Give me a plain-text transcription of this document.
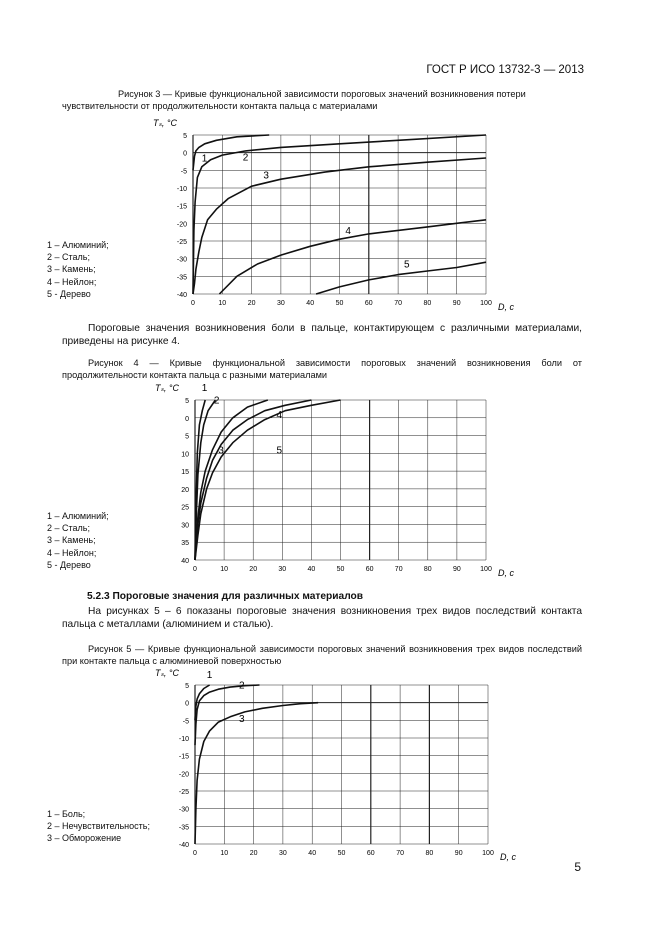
ГОСТ Р ИСО 13732-3 — 2013
Рисунок 3 — Кривые функциональной зависимости пороговых значений возникновения потери
чувствительности от продолжительности контакта пальца с материалами
5
0
-5
-10
-15
-20
-25
-30
-35
-40
0	10	20	30	40	50	60	70	80	90	100
Tₛ, °C
D, с
1	2
3
4
5
1 – Алюминий;
2 – Сталь;
3 – Камень;
4 – Нейлон;
5 - Дерево
Пороговые значения возникновения боли в пальце, контактирующем с различными материалами, приведены на рисунке 4.
Рисунок 4 — Кривые функциональной зависимости пороговых значений возникновения боли от продолжительности контакта пальца с разными материалами
5
0
5
10
15
20
25
30
35
40
0	10	20	30	40	50	60	70	80	90	100
Tₛ, °C
D, с
1
2
3
4
5
1 – Алюминий;
2 – Сталь;
3 – Камень;
4 – Нейлон;
5 - Дерево
5.2.3 Пороговые значения для различных материалов
На рисунках 5 – 6 показаны пороговые значения возникновения трех видов последствий контакта пальца с металлами (алюминием и сталью).
Рисунок 5 — Кривые функциональной зависимости пороговых значений возникновения трех видов последствий при контакте пальца с алюминиевой поверхностью
5
0
-5
-10
-15
-20
-25
-30
-35
-40
0	10	20	30	40	50	60	70	80	90	100
Tₛ, °C
D, с
1
2
3
1 – Боль;
2 – Нечувствительность;
3 – Обморожение
5
